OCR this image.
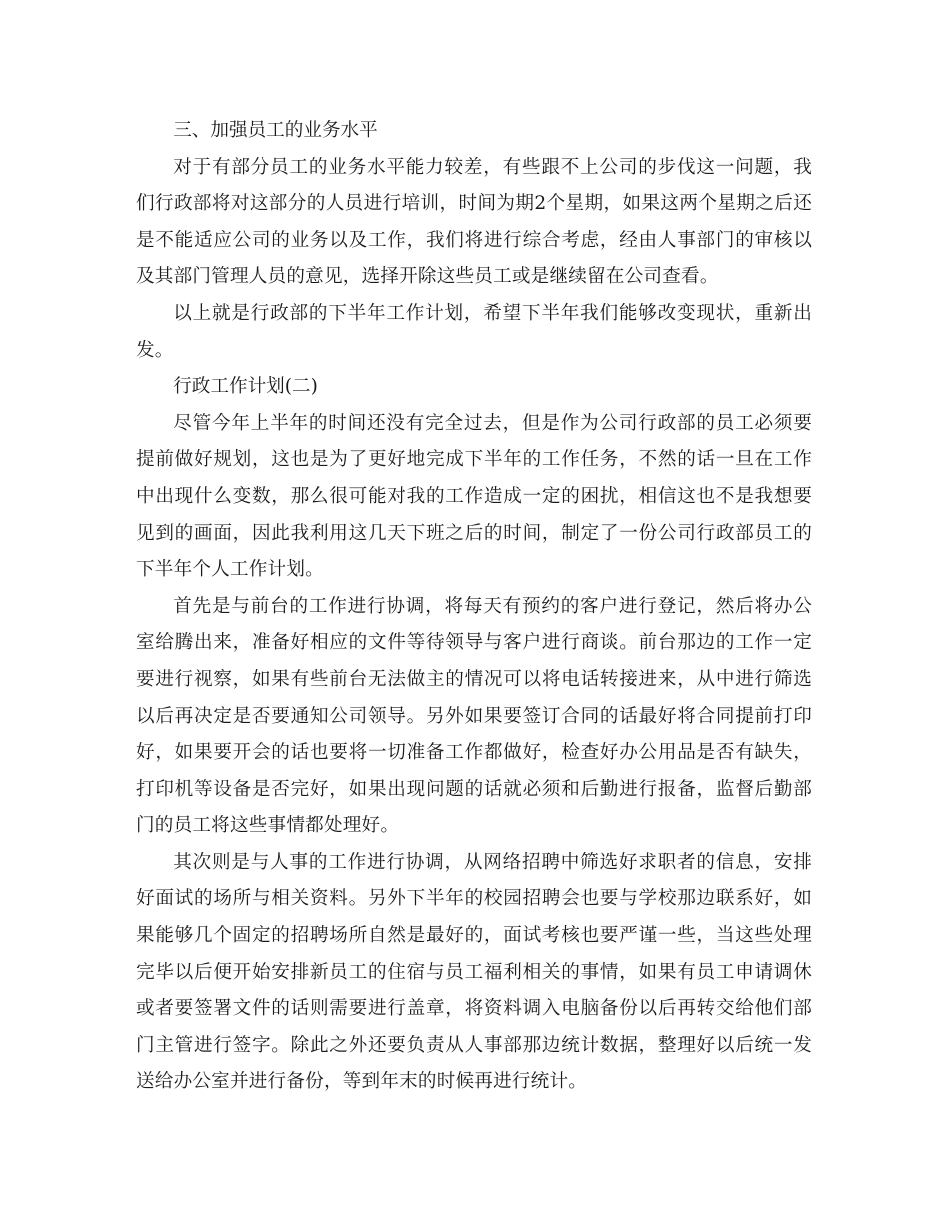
三、加强员工的业务水平

对于有部分员工的业务水平能力较差，有些跟不上公司的步伐这一问题，我们行政部将对这部分的人员进行培训，时间为期2个星期，如果这两个星期之后还是不能适应公司的业务以及工作，我们将进行综合考虑，经由人事部门的审核以及其部门管理人员的意见，选择开除这些员工或是继续留在公司查看。

以上就是行政部的下半年工作计划，希望下半年我们能够改变现状，重新出发。

行政工作计划(二)

尽管今年上半年的时间还没有完全过去，但是作为公司行政部的员工必须要提前做好规划，这也是为了更好地完成下半年的工作任务，不然的话一旦在工作中出现什么变数，那么很可能对我的工作造成一定的困扰，相信这也不是我想要见到的画面，因此我利用这几天下班之后的时间，制定了一份公司行政部员工的下半年个人工作计划。

首先是与前台的工作进行协调，将每天有预约的客户进行登记，然后将办公室给腾出来，准备好相应的文件等待领导与客户进行商谈。前台那边的工作一定要进行视察，如果有些前台无法做主的情况可以将电话转接进来，从中进行筛选以后再决定是否要通知公司领导。另外如果要签订合同的话最好将合同提前打印好，如果要开会的话也要将一切准备工作都做好，检查好办公用品是否有缺失，打印机等设备是否完好，如果出现问题的话就必须和后勤进行报备，监督后勤部门的员工将这些事情都处理好。

其次则是与人事的工作进行协调，从网络招聘中筛选好求职者的信息，安排好面试的场所与相关资料。另外下半年的校园招聘会也要与学校那边联系好，如果能够几个固定的招聘场所自然是最好的，面试考核也要严谨一些，当这些处理完毕以后便开始安排新员工的住宿与员工福利相关的事情，如果有员工申请调休或者要签署文件的话则需要进行盖章，将资料调入电脑备份以后再转交给他们部门主管进行签字。除此之外还要负责从人事部那边统计数据，整理好以后统一发送给办公室并进行备份，等到年末的时候再进行统计。
